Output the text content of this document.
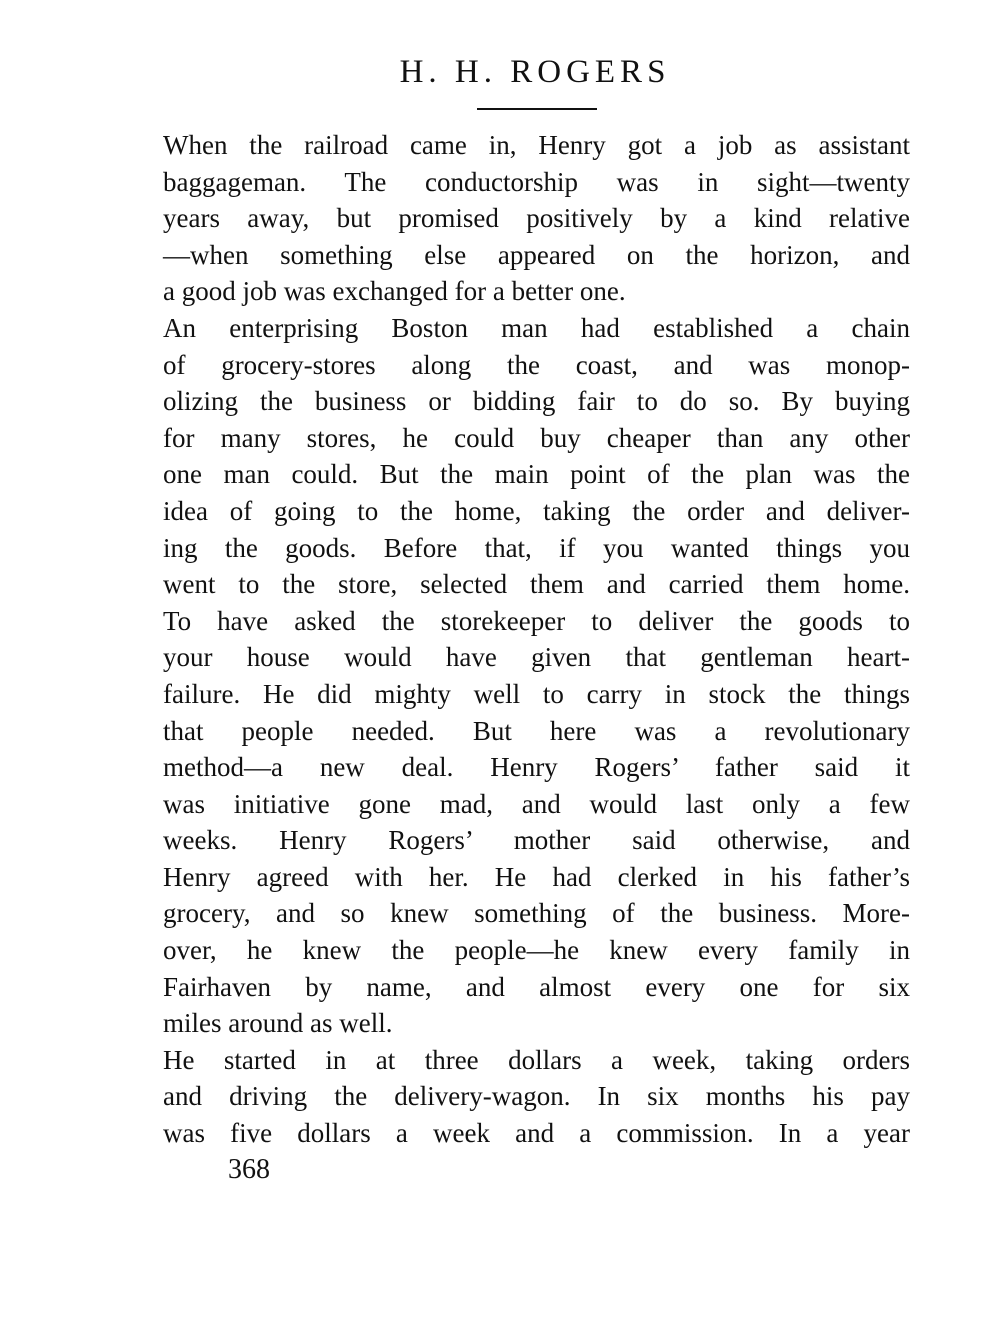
H. H. ROGERS
When the railroad came in, Henry got a job as assistant
baggageman. The conductorship was in sight—twenty
years away, but promised positively by a kind relative
—when something else appeared on the horizon, and
a good job was exchanged for a better one.
An enterprising Boston man had established a chain
of grocery-stores along the coast, and was monop-
olizing the business or bidding fair to do so. By buying
for many stores, he could buy cheaper than any other
one man could. But the main point of the plan was the
idea of going to the home, taking the order and deliver-
ing the goods. Before that, if you wanted things you
went to the store, selected them and carried them home.
To have asked the storekeeper to deliver the goods to
your house would have given that gentleman heart-
failure. He did mighty well to carry in stock the things
that people needed. But here was a revolutionary
method—a new deal. Henry Rogers’ father said it
was initiative gone mad, and would last only a few
weeks. Henry Rogers’ mother said otherwise, and
Henry agreed with her. He had clerked in his father’s
grocery, and so knew something of the business. More-
over, he knew the people—he knew every family in
Fairhaven by name, and almost every one for six
miles around as well.
He started in at three dollars a week, taking orders
and driving the delivery-wagon. In six months his pay
was five dollars a week and a commission. In a year
368
